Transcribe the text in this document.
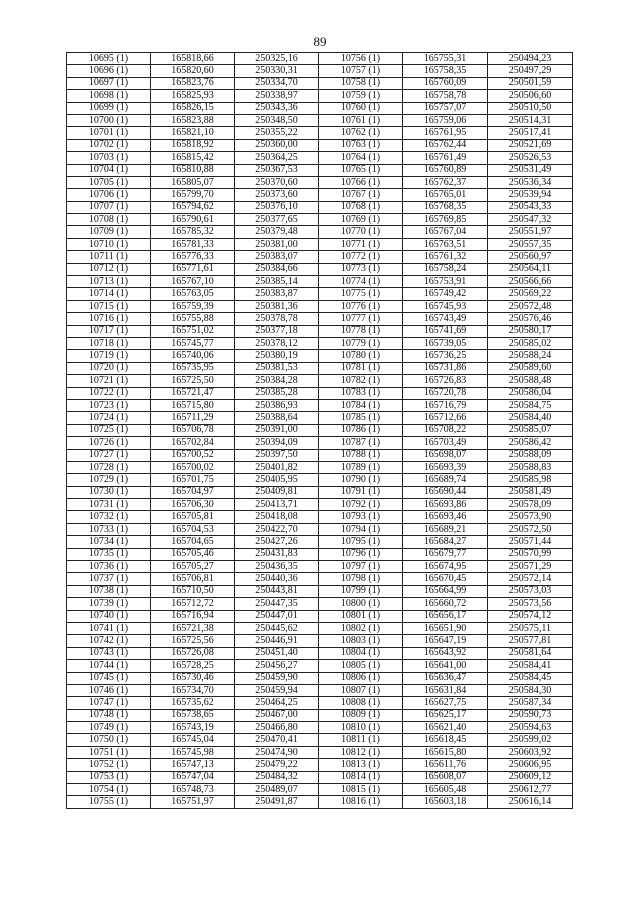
89
10695 (1)	165818,66	250325,16	10756 (1)	165755,31	250494,23
10696 (1)	165820,60	250330,31	10757 (1)	165758,35	250497,29
10697 (1)	165823,76	250334,70	10758 (1)	165760,09	250501,59
10698 (1)	165825,93	250338,97	10759 (1)	165758,78	250506,60
10699 (1)	165826,15	250343,36	10760 (1)	165757,07	250510,50
10700 (1)	165823,88	250348,50	10761 (1)	165759,06	250514,31
10701 (1)	165821,10	250355,22	10762 (1)	165761,95	250517,41
10702 (1)	165818,92	250360,00	10763 (1)	165762,44	250521,69
10703 (1)	165815,42	250364,25	10764 (1)	165761,49	250526,53
10704 (1)	165810,88	250367,53	10765 (1)	165760,89	250531,49
10705 (1)	165805,07	250370,60	10766 (1)	165762,37	250536,34
10706 (1)	165799,70	250373,60	10767 (1)	165765,01	250539,94
10707 (1)	165794,62	250376,10	10768 (1)	165768,35	250543,33
10708 (1)	165790,61	250377,65	10769 (1)	165769,85	250547,32
10709 (1)	165785,32	250379,48	10770 (1)	165767,04	250551,97
10710 (1)	165781,33	250381,00	10771 (1)	165763,51	250557,35
10711 (1)	165776,33	250383,07	10772 (1)	165761,32	250560,97
10712 (1)	165771,61	250384,66	10773 (1)	165758,24	250564,11
10713 (1)	165767,10	250385,14	10774 (1)	165753,91	250566,66
10714 (1)	165763,05	250383,87	10775 (1)	165749,42	250569,22
10715 (1)	165759,39	250381,36	10776 (1)	165745,93	250572,48
10716 (1)	165755,88	250378,78	10777 (1)	165743,49	250576,46
10717 (1)	165751,02	250377,18	10778 (1)	165741,69	250580,17
10718 (1)	165745,77	250378,12	10779 (1)	165739,05	250585,02
10719 (1)	165740,06	250380,19	10780 (1)	165736,25	250588,24
10720 (1)	165735,95	250381,53	10781 (1)	165731,86	250589,60
10721 (1)	165725,50	250384,28	10782 (1)	165726,83	250588,48
10722 (1)	165721,47	250385,28	10783 (1)	165720,78	250586,04
10723 (1)	165715,80	250386,93	10784 (1)	165716,79	250584,75
10724 (1)	165711,29	250388,64	10785 (1)	165712,66	250584,40
10725 (1)	165706,78	250391,00	10786 (1)	165708,22	250585,07
10726 (1)	165702,84	250394,09	10787 (1)	165703,49	250586,42
10727 (1)	165700,52	250397,50	10788 (1)	165698,07	250588,09
10728 (1)	165700,02	250401,82	10789 (1)	165693,39	250588,83
10729 (1)	165701,75	250405,95	10790 (1)	165689,74	250585,98
10730 (1)	165704,97	250409,81	10791 (1)	165690,44	250581,49
10731 (1)	165706,30	250413,71	10792 (1)	165693,86	250578,09
10732 (1)	165705,81	250418,08	10793 (1)	165693,46	250573,90
10733 (1)	165704,53	250422,70	10794 (1)	165689,21	250572,50
10734 (1)	165704,65	250427,26	10795 (1)	165684,27	250571,44
10735 (1)	165705,46	250431,83	10796 (1)	165679,77	250570,99
10736 (1)	165705,27	250436,35	10797 (1)	165674,95	250571,29
10737 (1)	165706,81	250440,36	10798 (1)	165670,45	250572,14
10738 (1)	165710,50	250443,81	10799 (1)	165664,99	250573,03
10739 (1)	165712,72	250447,35	10800 (1)	165660,72	250573,56
10740 (1)	165716,94	250447,01	10801 (1)	165656,17	250574,12
10741 (1)	165721,38	250445,62	10802 (1)	165651,90	250575,11
10742 (1)	165725,56	250446,91	10803 (1)	165647,19	250577,81
10743 (1)	165726,08	250451,40	10804 (1)	165643,92	250581,64
10744 (1)	165728,25	250456,27	10805 (1)	165641,00	250584,41
10745 (1)	165730,46	250459,90	10806 (1)	165636,47	250584,45
10746 (1)	165734,70	250459,94	10807 (1)	165631,84	250584,30
10747 (1)	165735,62	250464,25	10808 (1)	165627,75	250587,34
10748 (1)	165738,65	250467,00	10809 (1)	165625,17	250590,73
10749 (1)	165743,19	250466,80	10810 (1)	165621,40	250594,63
10750 (1)	165745,04	250470,41	10811 (1)	165618,45	250599,02
10751 (1)	165745,98	250474,90	10812 (1)	165615,80	250603,92
10752 (1)	165747,13	250479,22	10813 (1)	165611,76	250606,95
10753 (1)	165747,04	250484,32	10814 (1)	165608,07	250609,12
10754 (1)	165748,73	250489,07	10815 (1)	165605,48	250612,77
10755 (1)	165751,97	250491,87	10816 (1)	165603,18	250616,14
